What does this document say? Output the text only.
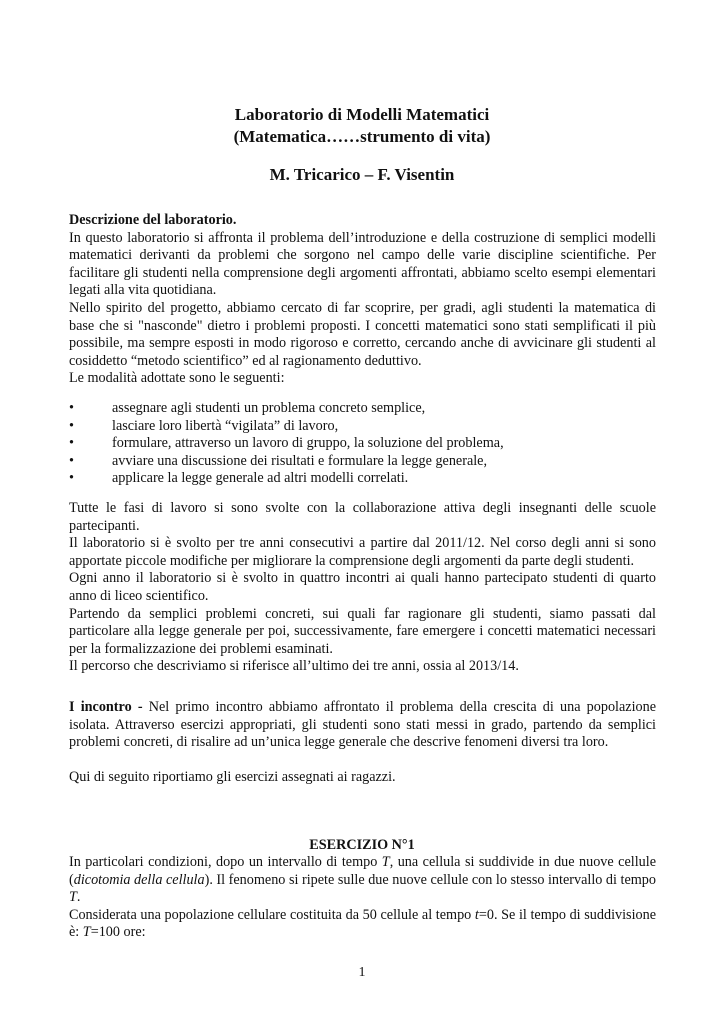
Laboratorio di Modelli Matematici

(Matematica……strumento di vita)

M. Tricarico – F. Visentin

Descrizione del laboratorio.
In questo laboratorio si affronta il problema dell’introduzione e della costruzione di semplici modelli matematici derivanti da problemi che sorgono nel campo delle varie discipline scientifiche. Per facilitare gli studenti nella comprensione degli argomenti affrontati, abbiamo scelto esempi elementari legati alla vita quotidiana.
Nello spirito del progetto, abbiamo cercato di far scoprire, per gradi, agli studenti la matematica di base che si "nasconde" dietro i problemi proposti. I concetti matematici sono stati semplificati il più possibile, ma sempre esposti in modo rigoroso e corretto, cercando anche di avvicinare gli studenti al cosiddetto “metodo scientifico” ed al ragionamento deduttivo.
Le modalità adottate sono le seguenti:
•	assegnare agli studenti un problema concreto semplice,
•	lasciare loro libertà “vigilata” di lavoro,
•	formulare, attraverso un lavoro di gruppo, la soluzione del problema,
•	avviare una discussione dei risultati e formulare la legge generale,
•	applicare la legge generale ad altri modelli correlati.
Tutte le fasi di lavoro si sono svolte con la collaborazione attiva degli insegnanti delle scuole partecipanti.
Il laboratorio si è svolto per tre anni consecutivi a partire dal 2011/12. Nel corso degli anni si sono apportate piccole modifiche per migliorare la comprensione degli argomenti da parte degli studenti.
Ogni anno il laboratorio si è svolto in quattro incontri ai quali hanno partecipato studenti di quarto anno di liceo scientifico.
Partendo da semplici problemi concreti, sui quali far ragionare gli studenti, siamo passati dal particolare alla legge generale per poi, successivamente, fare emergere i concetti matematici necessari per la formalizzazione dei problemi esaminati.
Il percorso che descriviamo si riferisce all’ultimo dei tre anni, ossia al 2013/14.
I incontro - Nel primo incontro abbiamo affrontato il problema della crescita di una popolazione isolata. Attraverso esercizi appropriati, gli studenti sono stati messi in grado, partendo da semplici problemi concreti, di risalire ad un’unica legge generale che descrive fenomeni diversi tra loro.
Qui di seguito riportiamo gli esercizi assegnati ai ragazzi.
ESERCIZIO N°1
In particolari condizioni, dopo un intervallo di tempo T, una cellula si suddivide in due nuove cellule (dicotomia della cellula). Il fenomeno si ripete sulle due nuove cellule con lo stesso intervallo di tempo T.
Considerata una popolazione cellulare costituita da 50 cellule al tempo t=0. Se il tempo di suddivisione è: T=100 ore:
1
